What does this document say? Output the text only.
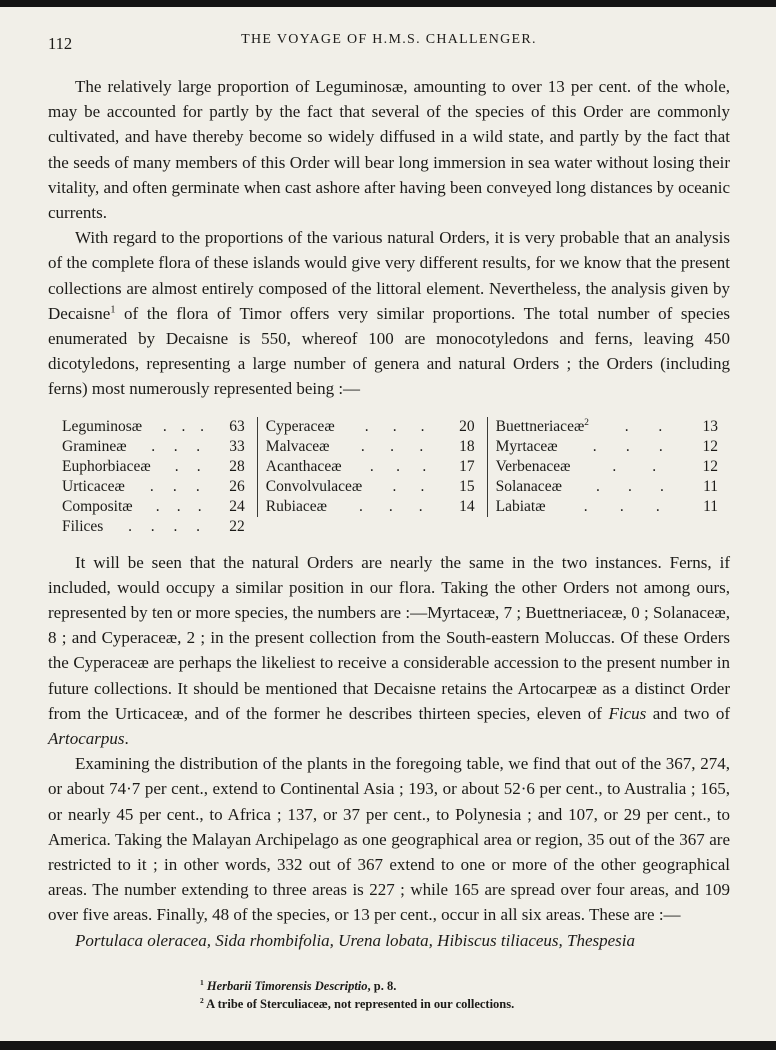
112	THE VOYAGE OF H.M.S. CHALLENGER.

The relatively large proportion of Leguminosæ, amounting to over 13 per cent. of the whole, may be accounted for partly by the fact that several of the species of this Order are commonly cultivated, and have thereby become so widely diffused in a wild state, and partly by the fact that the seeds of many members of this Order will bear long immersion in sea water without losing their vitality, and often germinate when cast ashore after having been conveyed long distances by oceanic currents.

With regard to the proportions of the various natural Orders, it is very probable that an analysis of the complete flora of these islands would give very different results, for we know that the present collections are almost entirely composed of the littoral element. Nevertheless, the analysis given by Decaisne$^1$ of the flora of Timor offers very similar proportions. The total number of species enumerated by Decaisne is 550, whereof 100 are monocotyledons and ferns, leaving 450 dicotyledons, representing a large number of genera and natural Orders ; the Orders (including ferns) most numerously represented being :—

Leguminosæ . . . 63
Gramineæ . . . 33
Euphorbiaceæ . . 28
Urticaceæ . . . 26
Compositæ . . . 24
Filices . . . . 22
Cyperaceæ . . . 20
Malvaceæ . . . 18
Acanthaceæ . . . 17
Convolvulaceæ . . 15
Rubiaceæ . . . 14
Buettneriaceæ$^2$ . .	13
Myrtaceæ . . .	12
Verbenaceæ	. .	12
Solanaceæ . . .	11
Labiatæ . . .	11

It will be seen that the natural Orders are nearly the same in the two instances. Ferns, if included, would occupy a similar position in our flora. Taking the other Orders not among ours, represented by ten or more species, the numbers are :—Myrtaceæ, 7 ; Buettneriaceæ, 0 ; Solanaceæ, 8 ; and Cyperaceæ, 2 ; in the present collection from the South-eastern Moluccas. Of these Orders the Cyperaceæ are perhaps the likeliest to receive a considerable accession to the present number in future collections. It should be mentioned that Decaisne retains the Artocarpeæ as a distinct Order from the Urticaceæ, and of the former he describes thirteen species, eleven of Ficus and two of Artocarpus.

Examining the distribution of the plants in the foregoing table, we find that out of the 367, 274, or about 74·7 per cent., extend to Continental Asia ; 193, or about 52·6 per cent., to Australia ; 165, or nearly 45 per cent., to Africa ; 137, or 37 per cent., to Polynesia ; and 107, or 29 per cent., to America. Taking the Malayan Archipelago as one geographical area or region, 35 out of the 367 are restricted to it ; in other words, 332 out of 367 extend to one or more of the other geographical areas. The number extending to three areas is 227 ; while 165 are spread over four areas, and 109 over five areas. Finally, 48 of the species, or 13 per cent., occur in all six areas. These are :—

Portulaca oleracea, Sida rhombifolia, Urena lobata, Hibiscus tiliaceus, Thespesia

$^1$ Herbarii Timorensis Descriptio, p. 8.
$^2$ A tribe of Sterculiaceæ, not represented in our collections.
